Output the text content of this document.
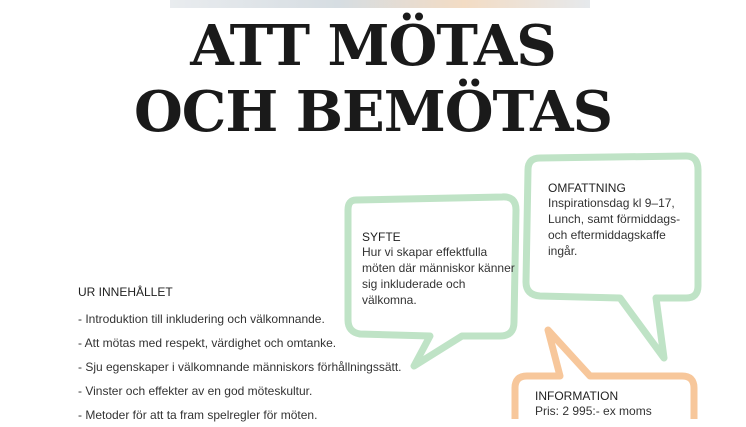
ATT MÖTAS
OCH BEMÖTAS
UR INNEHÅLLET
- Introduktion till inkludering och välkomnande.
- Att mötas med respekt, värdighet och omtanke.
- Sju egenskaper i välkomnande människors förhållningssätt.
- Vinster och effekter av en god möteskultur.
- Metoder för att ta fram spelregler för möten.
SYFTE
Hur vi skapar effektfulla
möten där människor känner
sig inkluderade och välkomna.
OMFATTNING
Inspirationsdag kl 9–17,
Lunch, samt förmiddags-
och eftermiddagskaffe
ingår.
INFORMATION
Pris: 2 995:- ex moms
